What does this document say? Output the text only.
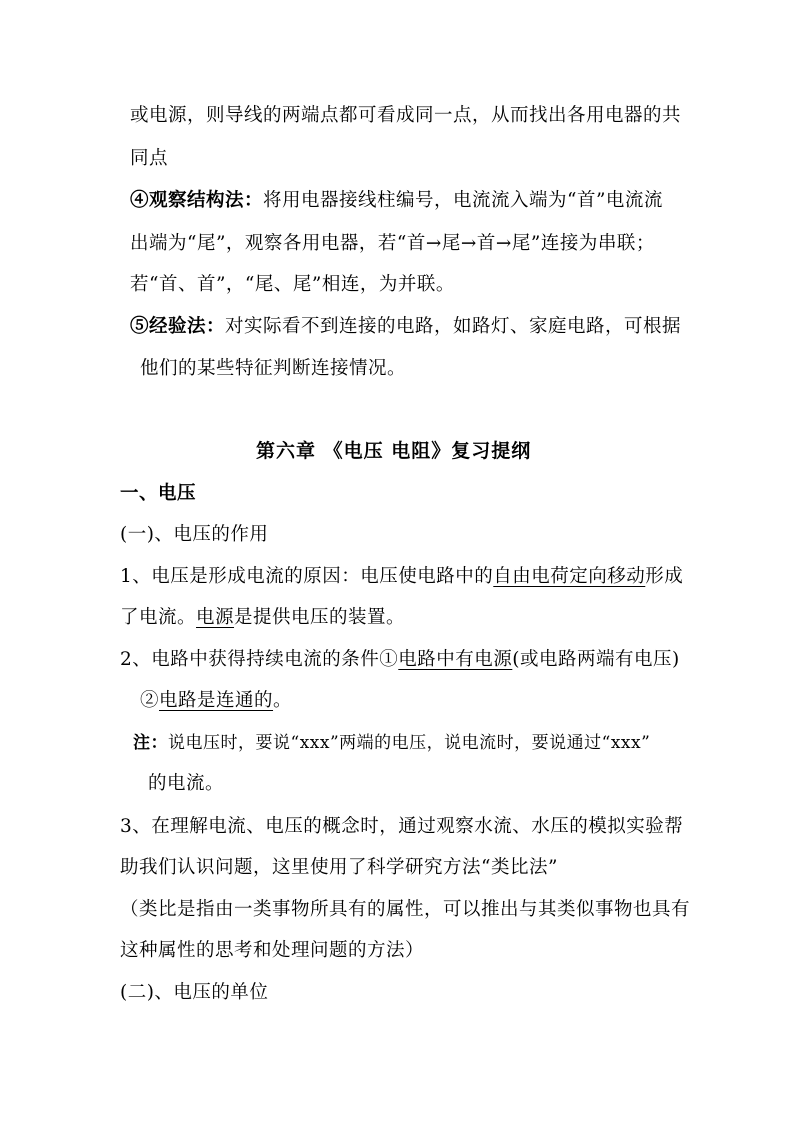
或电源，则导线的两端点都可看成同一点，从而找出各用电器的共
同点
④观察结构法：将用电器接线柱编号，电流流入端为“首”电流流
出端为“尾”，观察各用电器，若“首→尾→首→尾”连接为串联；
若“首、首”，“尾、尾”相连，为并联。
⑤经验法：对实际看不到连接的电路，如路灯、家庭电路，可根据
他们的某些特征判断连接情况。
第六章 《电压 电阻》复习提纲
一、电压
(一)、电压的作用
1、电压是形成电流的原因：电压使电路中的自由电荷定向移动形成
了电流。电源是提供电压的装置。
2、电路中获得持续电流的条件①电路中有电源(或电路两端有电压)
②电路是连通的。
注：说电压时，要说“xxx”两端的电压，说电流时，要说通过“xxx”
的电流。
3、在理解电流、电压的概念时，通过观察水流、水压的模拟实验帮
助我们认识问题，这里使用了科学研究方法“类比法”
（类比是指由一类事物所具有的属性，可以推出与其类似事物也具有
这种属性的思考和处理问题的方法）
(二)、电压的单位
